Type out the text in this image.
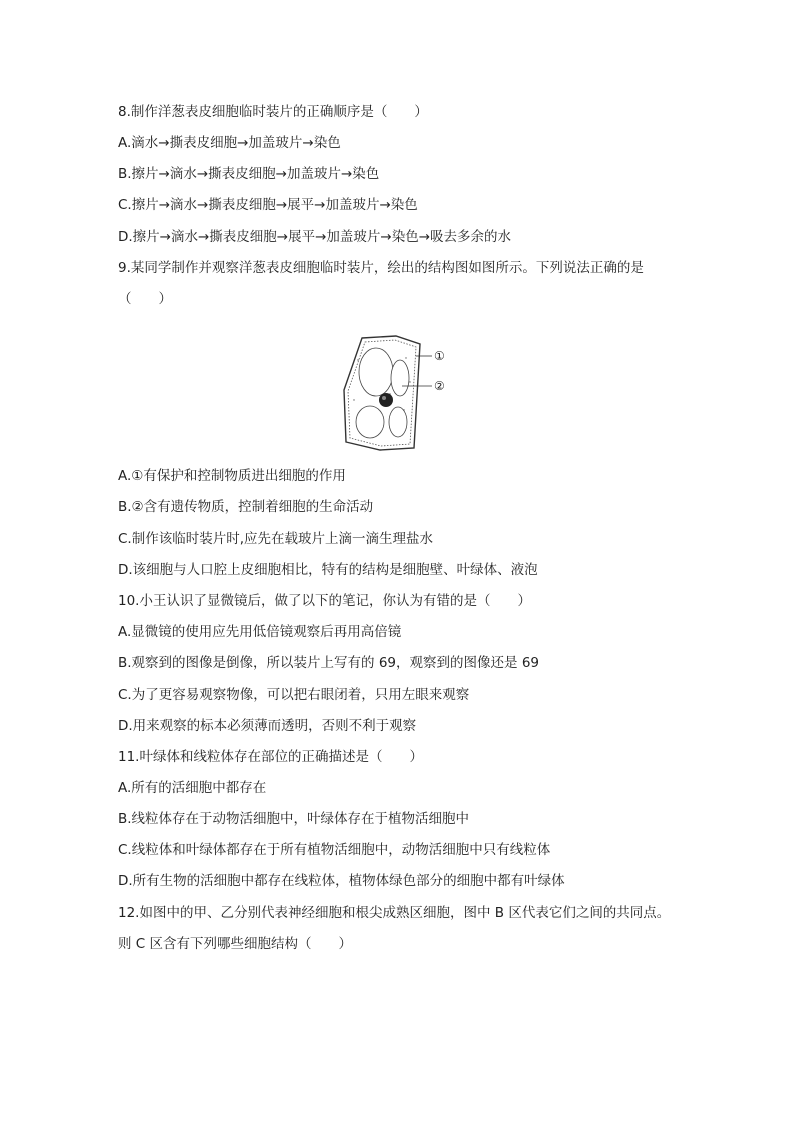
8.制作洋葱表皮细胞临时装片的正确顺序是（　　）
A.滴水→撕表皮细胞→加盖玻片→染色
B.擦片→滴水→撕表皮细胞→加盖玻片→染色
C.擦片→滴水→撕表皮细胞→展平→加盖玻片→染色
D.擦片→滴水→撕表皮细胞→展平→加盖玻片→染色→吸去多余的水
9.某同学制作并观察洋葱表皮细胞临时装片，绘出的结构图如图所示。下列说法正确的是
（　　）
①
②
A.①有保护和控制物质进出细胞的作用
B.②含有遗传物质，控制着细胞的生命活动
C.制作该临时装片时,应先在载玻片上滴一滴生理盐水
D.该细胞与人口腔上皮细胞相比，特有的结构是细胞壁、叶绿体、液泡
10.小王认识了显微镜后，做了以下的笔记，你认为有错的是（　　）
A.显微镜的使用应先用低倍镜观察后再用高倍镜
B.观察到的图像是倒像，所以装片上写有的 69，观察到的图像还是 69
C.为了更容易观察物像，可以把右眼闭着，只用左眼来观察
D.用来观察的标本必须薄而透明，否则不利于观察
11.叶绿体和线粒体存在部位的正确描述是（　　）
A.所有的活细胞中都存在
B.线粒体存在于动物活细胞中，叶绿体存在于植物活细胞中
C.线粒体和叶绿体都存在于所有植物活细胞中，动物活细胞中只有线粒体
D.所有生物的活细胞中都存在线粒体，植物体绿色部分的细胞中都有叶绿体
12.如图中的甲、乙分别代表神经细胞和根尖成熟区细胞，图中 B 区代表它们之间的共同点。
则 C 区含有下列哪些细胞结构（　　）
